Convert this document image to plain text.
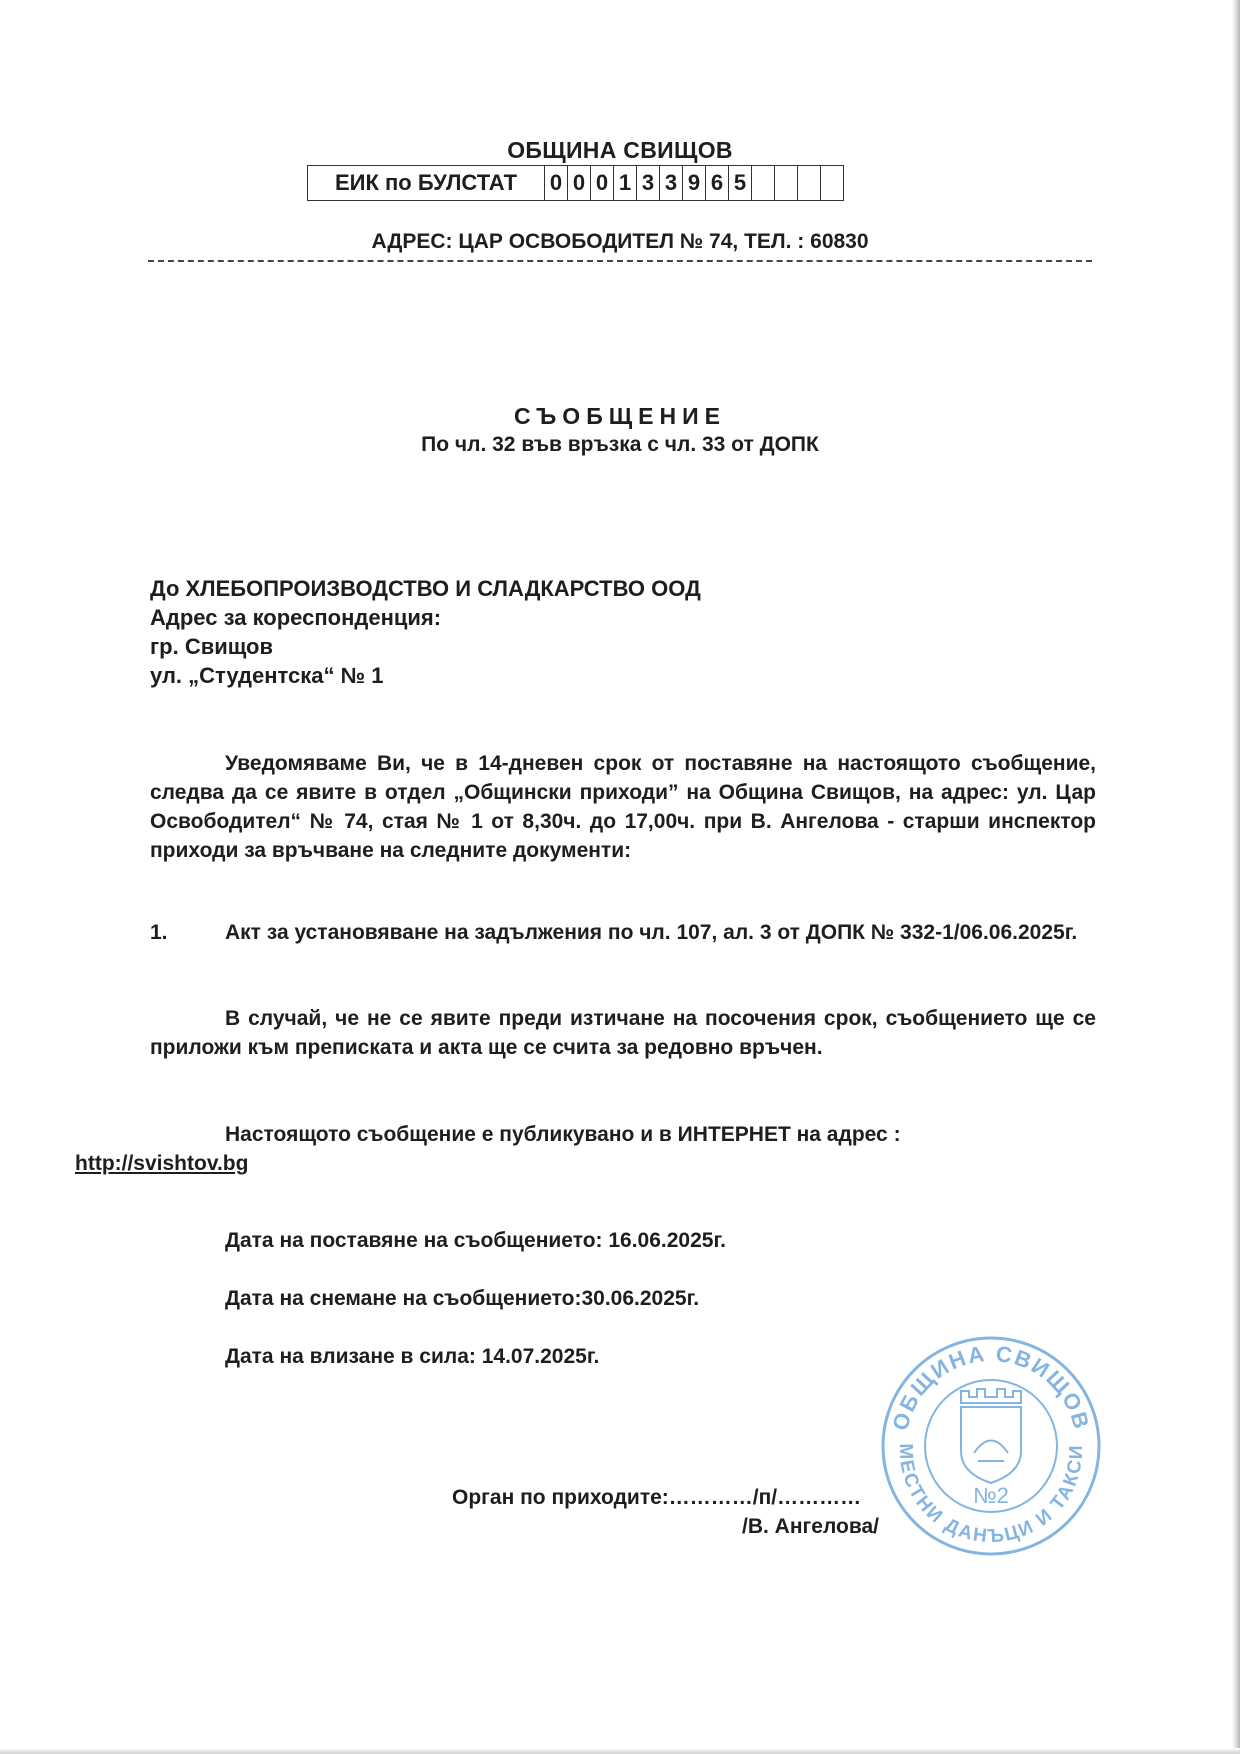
ОБЩИНА СВИЩОВ
ЕИК по БУЛСТАТ	0	0	0	1	3	3	9	6	5				
АДРЕС: ЦАР ОСВОБОДИТЕЛ № 74, ТЕЛ. : 60830
СЪОБЩЕНИЕ
По чл. 32 във връзка с чл. 33 от ДОПК
До ХЛЕБОПРОИЗВОДСТВО И СЛАДКАРСТВО ООД
Адрес за кореспонденция:
гр. Свищов
ул. „Студентска“ № 1
Уведомяваме Ви, че в 14-дневен срок от поставяне на настоящото съобщение, следва да се явите в отдел „Общински приходи” на Община Свищов, на адрес: ул. Цар Освободител“ № 74, стая № 1 от 8,30ч. до 17,00ч. при В. Ангелова - старши инспектор приходи за връчване на следните документи:
1.	Акт за установяване на задължения по чл. 107, ал. 3 от ДОПК № 332-1/06.06.2025г.
В случай, че не се явите преди изтичане на посочения срок, съобщението ще се приложи към преписката и акта ще се счита за редовно връчен.
Настоящото съобщение е публикувано и в ИНТЕРНЕТ на адрес :
http://svishtov.bg
Дата на поставяне на съобщението: 16.06.2025г.
Дата на снемане на съобщението:30.06.2025г.
Дата на влизане в сила: 14.07.2025г.
ОБЩИНА СВИЩОВ
МЕСТНИ ДАНЪЦИ И ТАКСИ
№2
Орган по приходите:…………/п/…………
/В. Ангелова/
